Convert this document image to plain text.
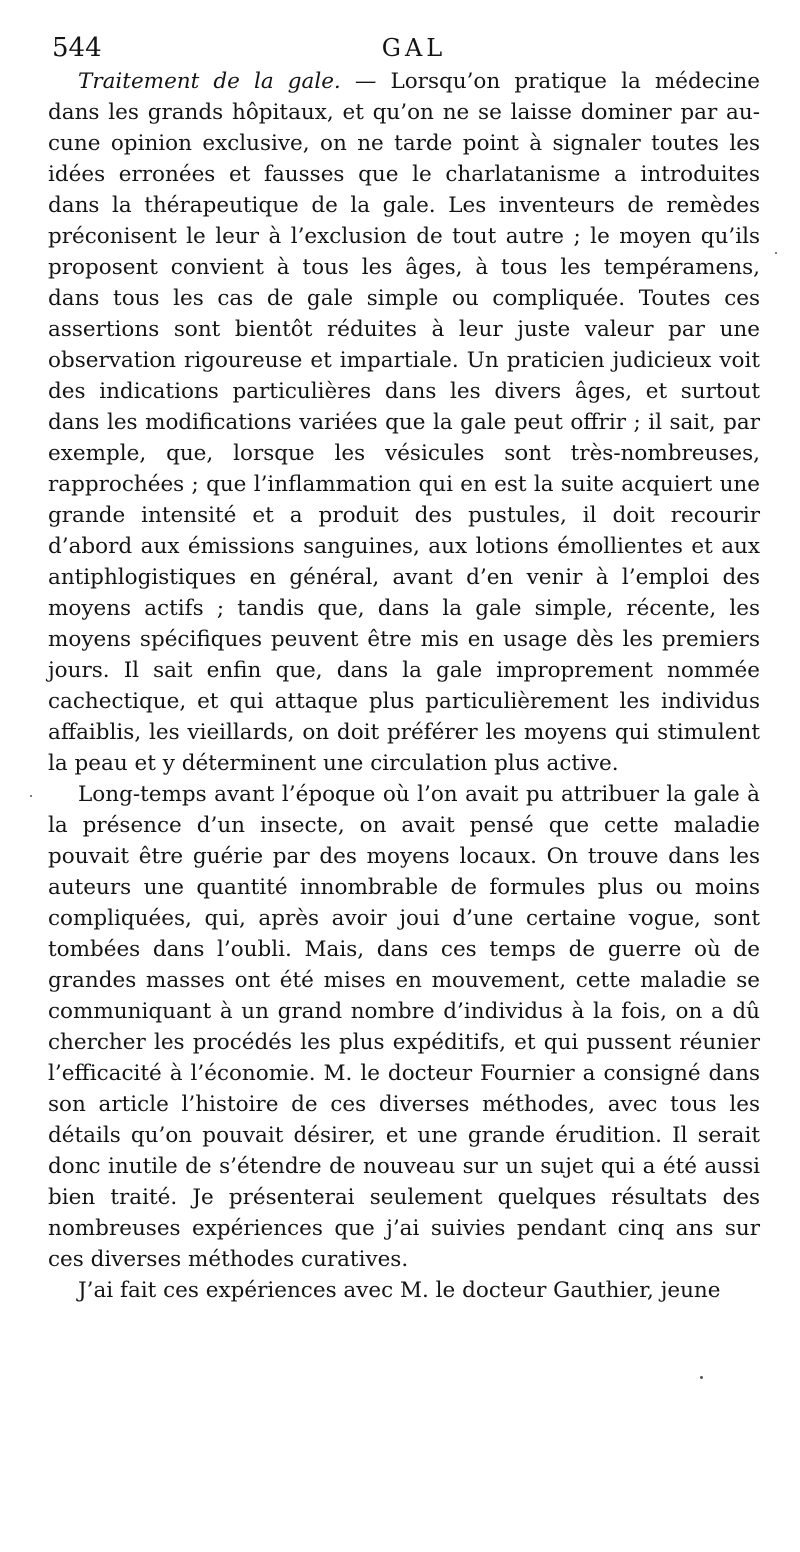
544	GAL

Traitement de la gale. — Lorsqu’on pratique la médecine dans les grands hôpitaux, et qu’on ne se laisse dominer par aucune opinion exclusive, on ne tarde point à signaler toutes les idées erronées et fausses que le charlatanisme a introduites dans la thérapeutique de la gale. Les inventeurs de remèdes préconisent le leur à l’exclusion de tout autre ; le moyen qu’ils proposent convient à tous les âges, à tous les tempéramens, dans tous les cas de gale simple ou compliquée. Toutes ces assertions sont bientôt réduites à leur juste valeur par une observation rigoureuse et impartiale. Un praticien judicieux voit des indications particulières dans les divers âges, et surtout dans les modifications variées que la gale peut offrir ; il sait, par exemple, que, lorsque les vésicules sont très-nombreuses, rapprochées ; que l’inflammation qui en est la suite acquiert une grande intensité et a produit des pustules, il doit recourir d’abord aux émissions sanguines, aux lotions émollientes et aux antiphlogistiques en général, avant d’en venir à l’emploi des moyens actifs ; tandis que, dans la gale simple, récente, les moyens spécifiques peuvent être mis en usage dès les premiers jours. Il sait enfin que, dans la gale improprement nommée cachectique, et qui attaque plus particulièrement les individus affaiblis, les vieillards, on doit préférer les moyens qui stimulent la peau et y déterminent une circulation plus active.

Long-temps avant l’époque où l’on avait pu attribuer la gale à la présence d’un insecte, on avait pensé que cette maladie pouvait être guérie par des moyens locaux. On trouve dans les auteurs une quantité innombrable de formules plus ou moins compliquées, qui, après avoir joui d’une certaine vogue, sont tombées dans l’oubli. Mais, dans ces temps de guerre où de grandes masses ont été mises en mouvement, cette maladie se communiquant à un grand nombre d’individus à la fois, on a dû chercher les procédés les plus expéditifs, et qui pussent réunier l’efficacité à l’économie. M. le docteur Fournier a consigné dans son article l’histoire de ces diverses méthodes, avec tous les détails qu’on pouvait désirer, et une grande érudition. Il serait donc inutile de s’étendre de nouveau sur un sujet qui a été aussi bien traité. Je présenterai seulement quelques résultats des nombreuses expériences que j’ai suivies pendant cinq ans sur ces diverses méthodes curatives.

J’ai fait ces expériences avec M. le docteur Gauthier, jeune
